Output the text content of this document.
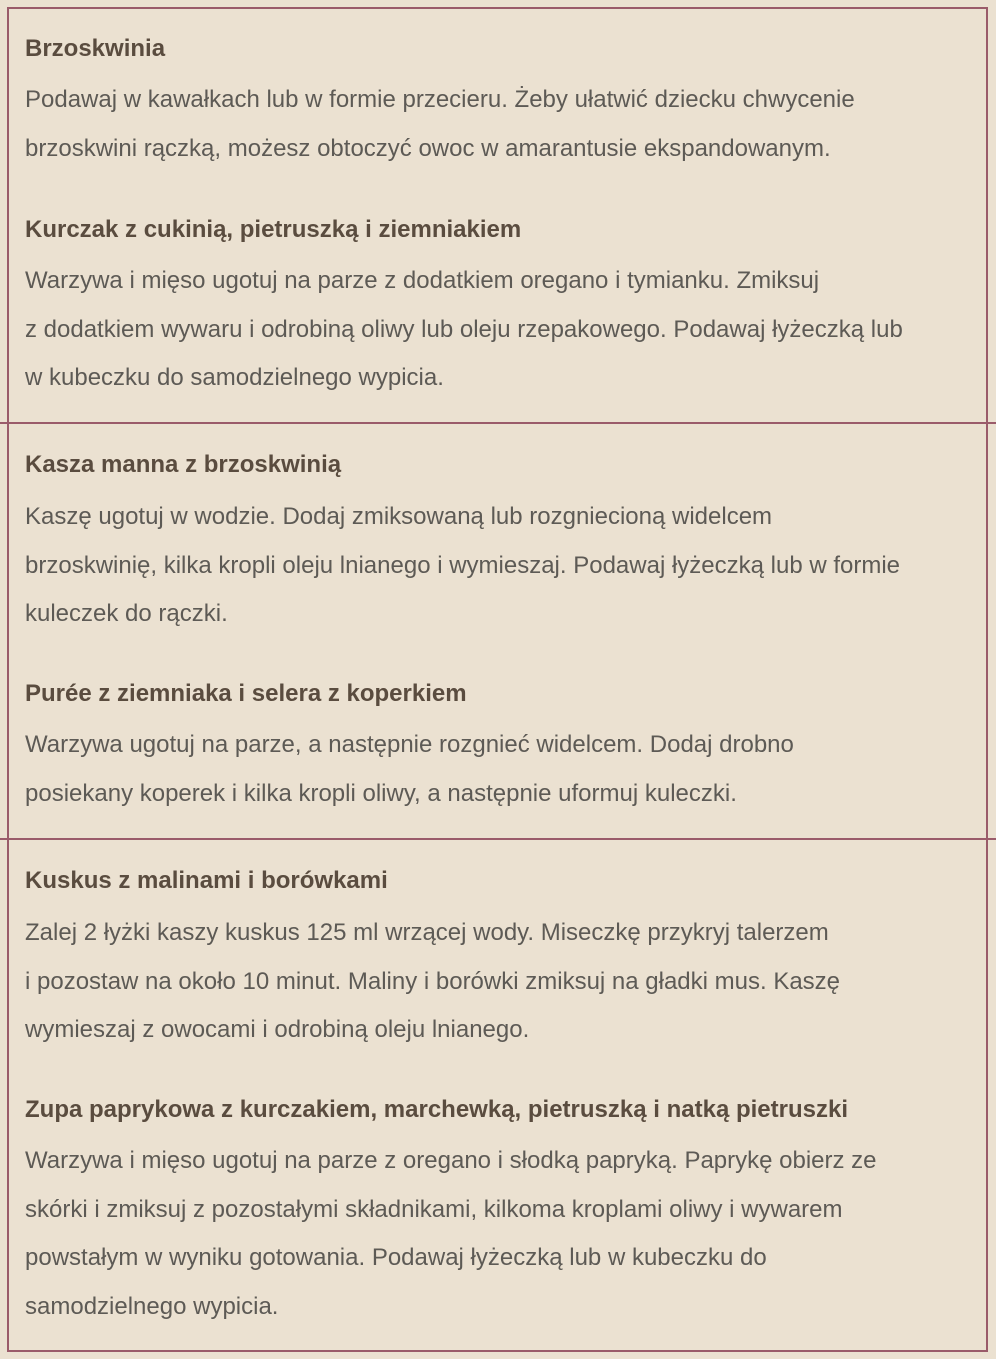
Brzoskwinia
Podawaj w kawałkach lub w formie przecieru. Żeby ułatwić dziecku chwycenie
brzoskwini rączką, możesz obtoczyć owoc w amarantusie ekspandowanym.
Kurczak z cukinią, pietruszką i ziemniakiem
Warzywa i mięso ugotuj na parze z dodatkiem oregano i tymianku. Zmiksuj
z dodatkiem wywaru i odrobiną oliwy lub oleju rzepakowego. Podawaj łyżeczką lub
w kubeczku do samodzielnego wypicia.
Kasza manna z brzoskwinią
Kaszę ugotuj w wodzie. Dodaj zmiksowaną lub rozgniecioną widelcem
brzoskwinię, kilka kropli oleju lnianego i wymieszaj. Podawaj łyżeczką lub w formie
kuleczek do rączki.
Purée z ziemniaka i selera z koperkiem
Warzywa ugotuj na parze, a następnie rozgnieć widelcem. Dodaj drobno
posiekany koperek i kilka kropli oliwy, a następnie uformuj kuleczki.
Kuskus z malinami i borówkami
Zalej 2 łyżki kaszy kuskus 125 ml wrzącej wody. Miseczkę przykryj talerzem
i pozostaw na około 10 minut. Maliny i borówki zmiksuj na gładki mus. Kaszę
wymieszaj z owocami i odrobiną oleju lnianego.
Zupa paprykowa z kurczakiem, marchewką, pietruszką i natką pietruszki
Warzywa i mięso ugotuj na parze z oregano i słodką papryką. Paprykę obierz ze
skórki i zmiksuj z pozostałymi składnikami, kilkoma kroplami oliwy i wywarem
powstałym w wyniku gotowania. Podawaj łyżeczką lub w kubeczku do
samodzielnego wypicia.
